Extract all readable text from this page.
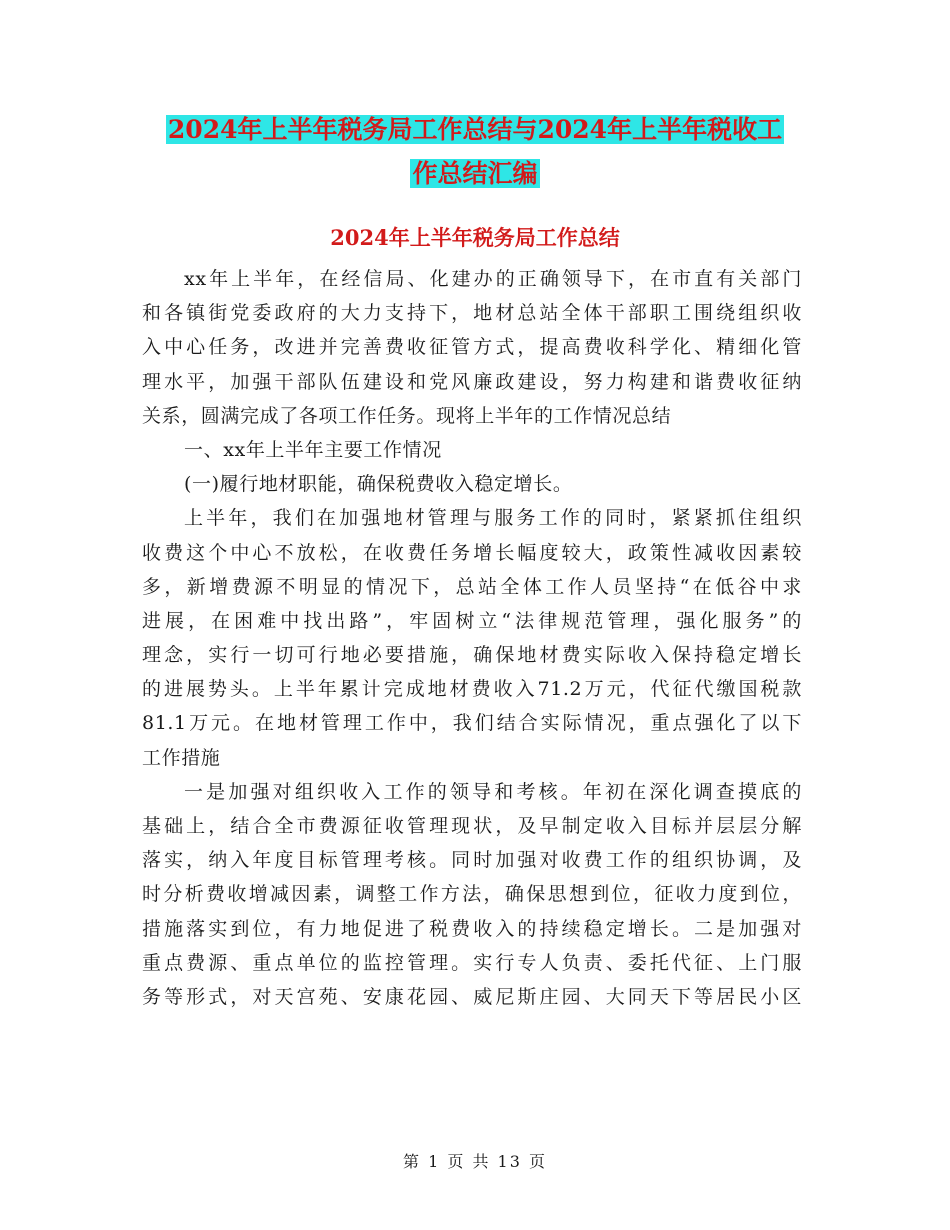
2024年上半年税务局工作总结与2024年上半年税收工
作总结汇编
2024年上半年税务局工作总结
xx年上半年，在经信局、化建办的正确领导下，在市直有关部门
和各镇街党委政府的大力支持下，地材总站全体干部职工围绕组织收
入中心任务，改进并完善费收征管方式，提高费收科学化、精细化管
理水平，加强干部队伍建设和党风廉政建设，努力构建和谐费收征纳
关系，圆满完成了各项工作任务。现将上半年的工作情况总结
一、xx年上半年主要工作情况
(一)履行地材职能，确保税费收入稳定增长。
上半年，我们在加强地材管理与服务工作的同时，紧紧抓住组织
收费这个中心不放松，在收费任务增长幅度较大，政策性减收因素较
多，新增费源不明显的情况下，总站全体工作人员坚持“在低谷中求
进展，在困难中找出路”，牢固树立“法律规范管理，强化服务”的
理念，实行一切可行地必要措施，确保地材费实际收入保持稳定增长
的进展势头。上半年累计完成地材费收入71.2万元，代征代缴国税款
81.1万元。在地材管理工作中，我们结合实际情况，重点强化了以下
工作措施
一是加强对组织收入工作的领导和考核。年初在深化调查摸底的
基础上，结合全市费源征收管理现状，及早制定收入目标并层层分解
落实，纳入年度目标管理考核。同时加强对收费工作的组织协调，及
时分析费收增减因素，调整工作方法，确保思想到位，征收力度到位，
措施落实到位，有力地促进了税费收入的持续稳定增长。二是加强对
重点费源、重点单位的监控管理。实行专人负责、委托代征、上门服
务等形式，对天宫苑、安康花园、威尼斯庄园、大同天下等居民小区
第 1 页 共 13 页
